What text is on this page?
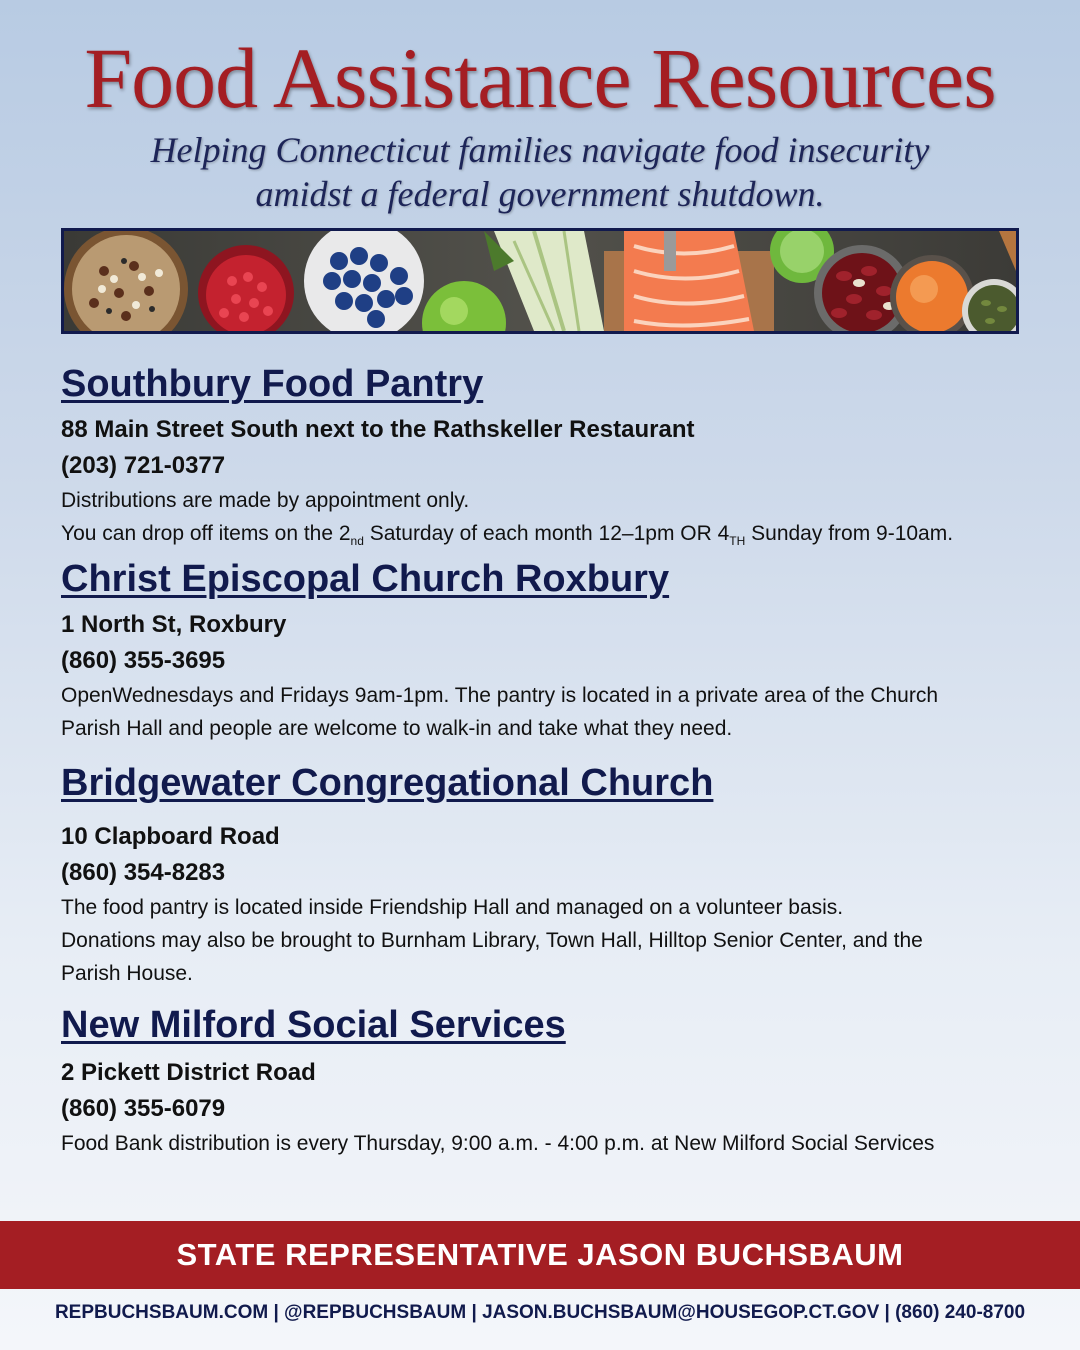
Food Assistance Resources
Helping Connecticut families navigate food insecurity
amidst a federal government shutdown.
Southbury Food Pantry
88 Main Street South next to the Rathskeller Restaurant
(203) 721-0377
Distributions are made by appointment only.
You can drop off items on the $2_{nd}$ Saturday of each month 12–1pm OR $4_{TH}$ Sunday from 9-10am.
Christ Episcopal Church Roxbury
1 North St, Roxbury
(860) 355-3695
OpenWednesdays and Fridays 9am-1pm. The pantry is located in a private area of the Church
Parish Hall and people are welcome to walk-in and take what they need.
Bridgewater Congregational Church
10 Clapboard Road
(860) 354-8283
The food pantry is located inside Friendship Hall and managed on a volunteer basis.
Donations may also be brought to Burnham Library, Town Hall, Hilltop Senior Center, and the
Parish House.
New Milford Social Services
2 Pickett District Road
(860) 355-6079
Food Bank distribution is every Thursday, 9:00 a.m. - 4:00 p.m. at New Milford Social Services
STATE REPRESENTATIVE JASON BUCHSBAUM
REPBUCHSBAUM.COM | @REPBUCHSBAUM | JASON.BUCHSBAUM@HOUSEGOP.CT.GOV | (860) 240-8700
